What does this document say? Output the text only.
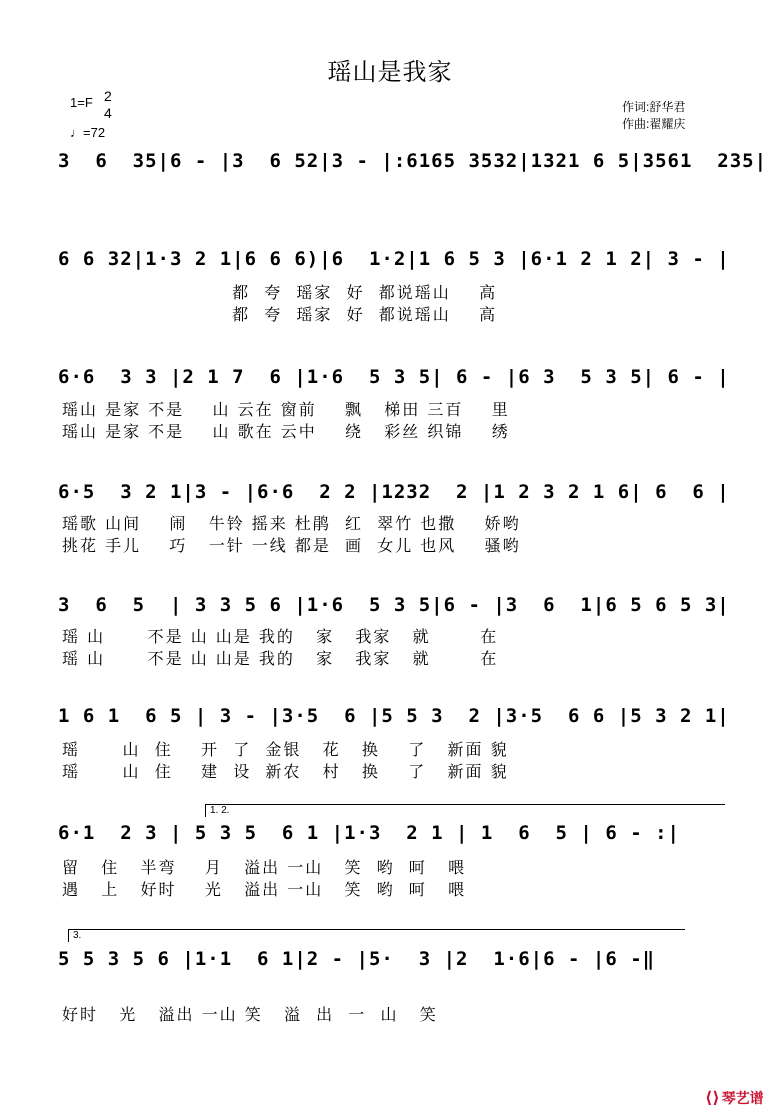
瑶山是我家
1=F 2
4
♩=72
作词:舒华君
作曲:翟耀庆
3  6  35|6 - |3  6 52|3 - |:6165 3532|1321 6 5|3561  235|
6 6 32|1·3 2 1|6 6 6)|6  1·2|1 6 5 3 |6·1 2 1 2| 3 - |
都  夸  瑶家  好  都说瑶山    高
都  夸  瑶家  好  都说瑶山    高
6·6  3 3 |2 1 7  6 |1·6  5 3 5| 6 - |6 3  5 3 5| 6 - |
瑶山 是家 不是    山 云在 窗前    飘   梯田 三百    里
瑶山 是家 不是    山 歌在 云中    绕   彩丝 织锦    绣
6·5  3 2 1|3 - |6·6  2 2 |1232  2 |1 2 3 2 1 6| 6  6 |
瑶歌 山间    闹   牛铃 摇来 杜鹃  红  翠竹 也撒    娇哟
挑花 手儿    巧   一针 一线 都是  画  女儿 也风    骚哟
3  6  5  | 3 3 5 6 |1·6  5 3 5|6 - |3  6  1|6 5 6 5 3|
瑶 山      不是 山 山是 我的   家   我家   就       在
瑶 山      不是 山 山是 我的   家   我家   就       在
1 6 1  6 5 | 3 - |3·5  6 |5 5 3  2 |3·5  6 6 |5 3 2 1|
瑶      山  住    开  了  金银   花   换    了   新面 貌
瑶      山  住    建  设  新农   村   换    了   新面 貌
1. 2.
6·1  2 3 | 5 3 5  6 1 |1·3  2 1 | 1  6  5 | 6 - :|
留   住   半弯    月   溢出 一山   笑  哟  呵   喂
遇   上   好时    光   溢出 一山   笑  哟  呵   喂
3.
5 5 3 5 6 |1·1  6 1|2 - |5·  3 |2  1·6|6 - |6 -‖
好时   光   溢出 一山 笑   溢  出  一  山   笑
⟨⟩ 琴艺谱
